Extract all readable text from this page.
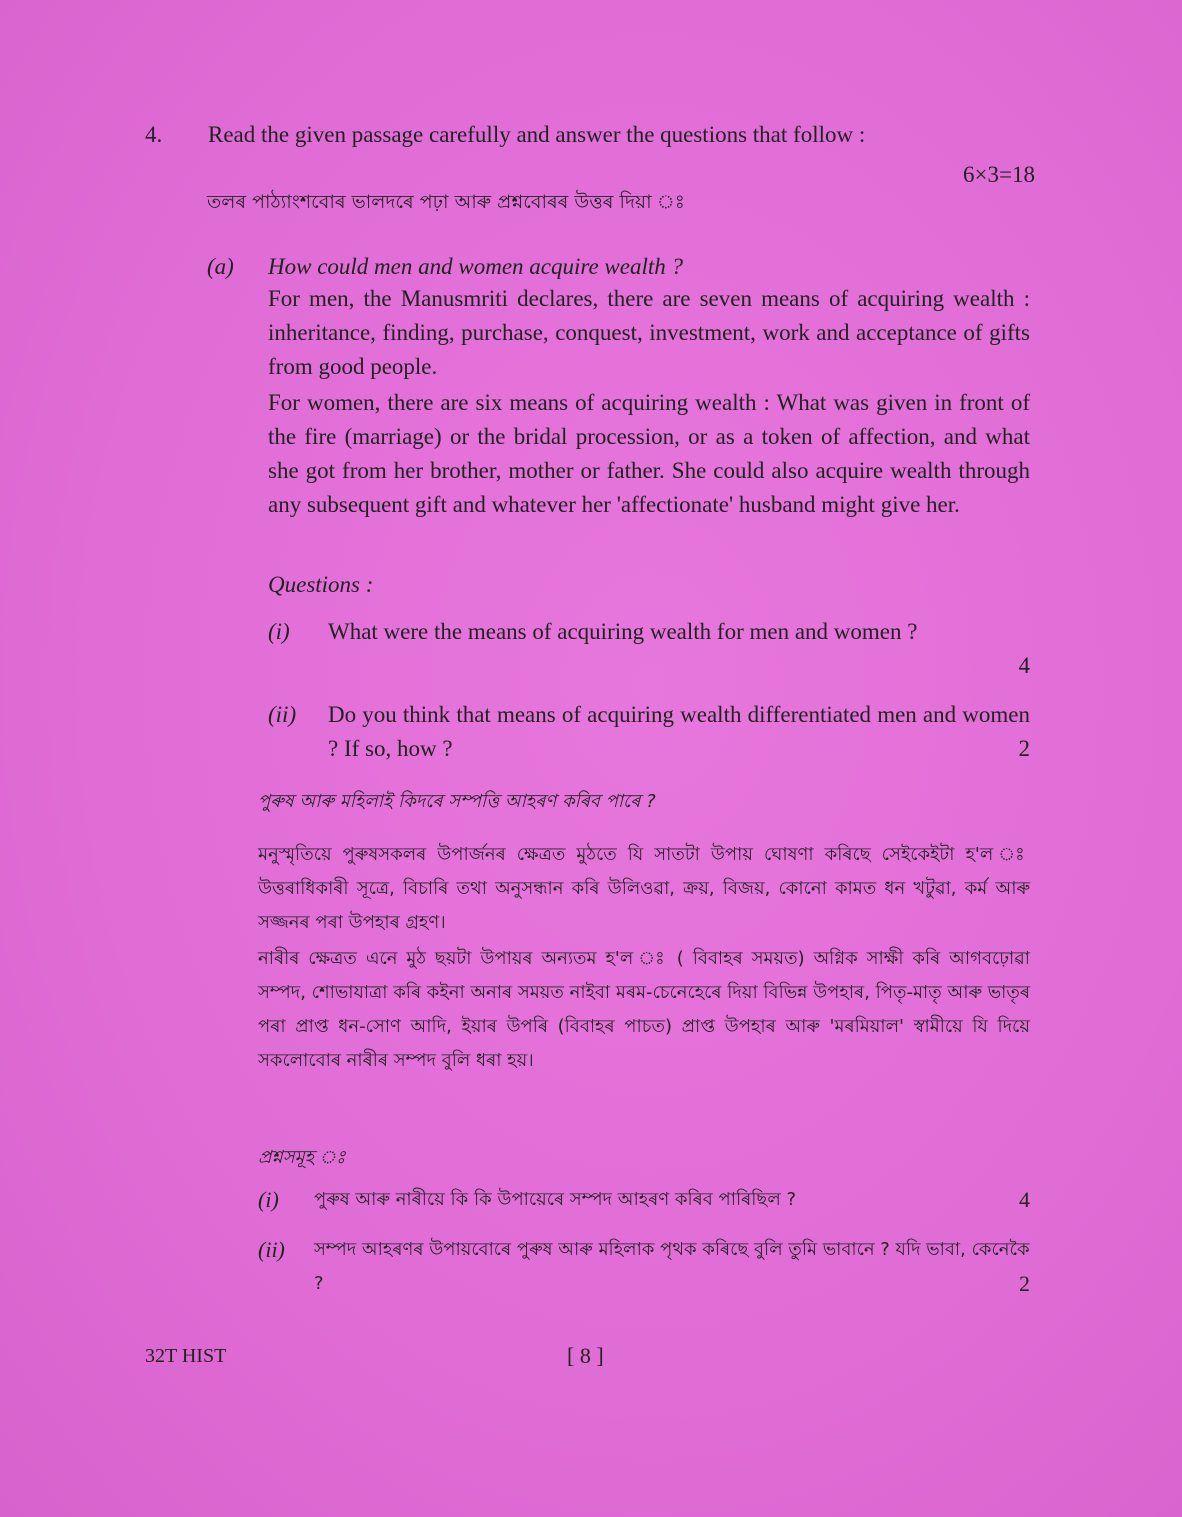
4. Read the given passage carefully and answer the questions that follow :
6×3=18
তলৰ পাঠ্যাংশবোৰ ভালদৰে পঢ়া আৰু প্ৰশ্নবোৰৰ উত্তৰ দিয়া ঃ
(a) How could men and women acquire wealth ?
For men, the Manusmriti declares, there are seven means of acquiring wealth : inheritance, finding, purchase, conquest, investment, work and acceptance of gifts from good people.
For women, there are six means of acquiring wealth : What was given in front of the fire (marriage) or the bridal procession, or as a token of affection, and what she got from her brother, mother or father. She could also acquire wealth through any subsequent gift and whatever her 'affectionate' husband might give her.
Questions :
(i) What were the means of acquiring wealth for men and women ?
4
(ii) Do you think that means of acquiring wealth differentiated men and women ? If so, how ?	2
পুৰুষ আৰু মহিলাই কিদৰে সম্পত্তি আহৰণ কৰিব পাৰে ?
মনুস্মৃতিয়ে পুৰুষসকলৰ উপাৰ্জনৰ ক্ষেত্ৰত মুঠতে যি সাতটা উপায় ঘোষণা কৰিছে সেইকেইটা হ'ল ঃ উত্তৰাধিকাৰী সূত্ৰে, বিচাৰি তথা অনুসন্ধান কৰি উলিওৱা, ক্ৰয়, বিজয়, কোনো কামত ধন খটুৱা, কৰ্ম আৰু সজ্জনৰ পৰা উপহাৰ গ্ৰহণ।
নাৰীৰ ক্ষেত্ৰত এনে মুঠ ছয়টা উপায়ৰ অন্যতম হ'ল ঃ ( বিবাহৰ সময়ত) অগ্নিক সাক্ষী কৰি আগবঢ়োৱা সম্পদ, শোভাযাত্ৰা কৰি কইনা অনাৰ সময়ত নাইবা মৰম-চেনেহেৰে দিয়া বিভিন্ন উপহাৰ, পিতৃ-মাতৃ আৰু ভাতৃৰ পৰা প্ৰাপ্ত ধন-সোণ আদি, ইয়াৰ উপৰি (বিবাহৰ পাচত) প্ৰাপ্ত উপহাৰ আৰু 'মৰমিয়াল' স্বামীয়ে যি দিয়ে সকলোবোৰ নাৰীৰ সম্পদ বুলি ধৰা হয়।
প্ৰশ্নসমূহ ঃ
(i) পুৰুষ আৰু নাৰীয়ে কি কি উপায়েৰে সম্পদ আহৰণ কৰিব পাৰিছিল ?	4
(ii) সম্পদ আহৰণৰ উপায়বোৰে পুৰুষ আৰু মহিলাক পৃথক কৰিছে বুলি তুমি ভাবানে ? যদি ভাবা, কেনেকৈ ?	2
32T HIST	[ 8 ]
